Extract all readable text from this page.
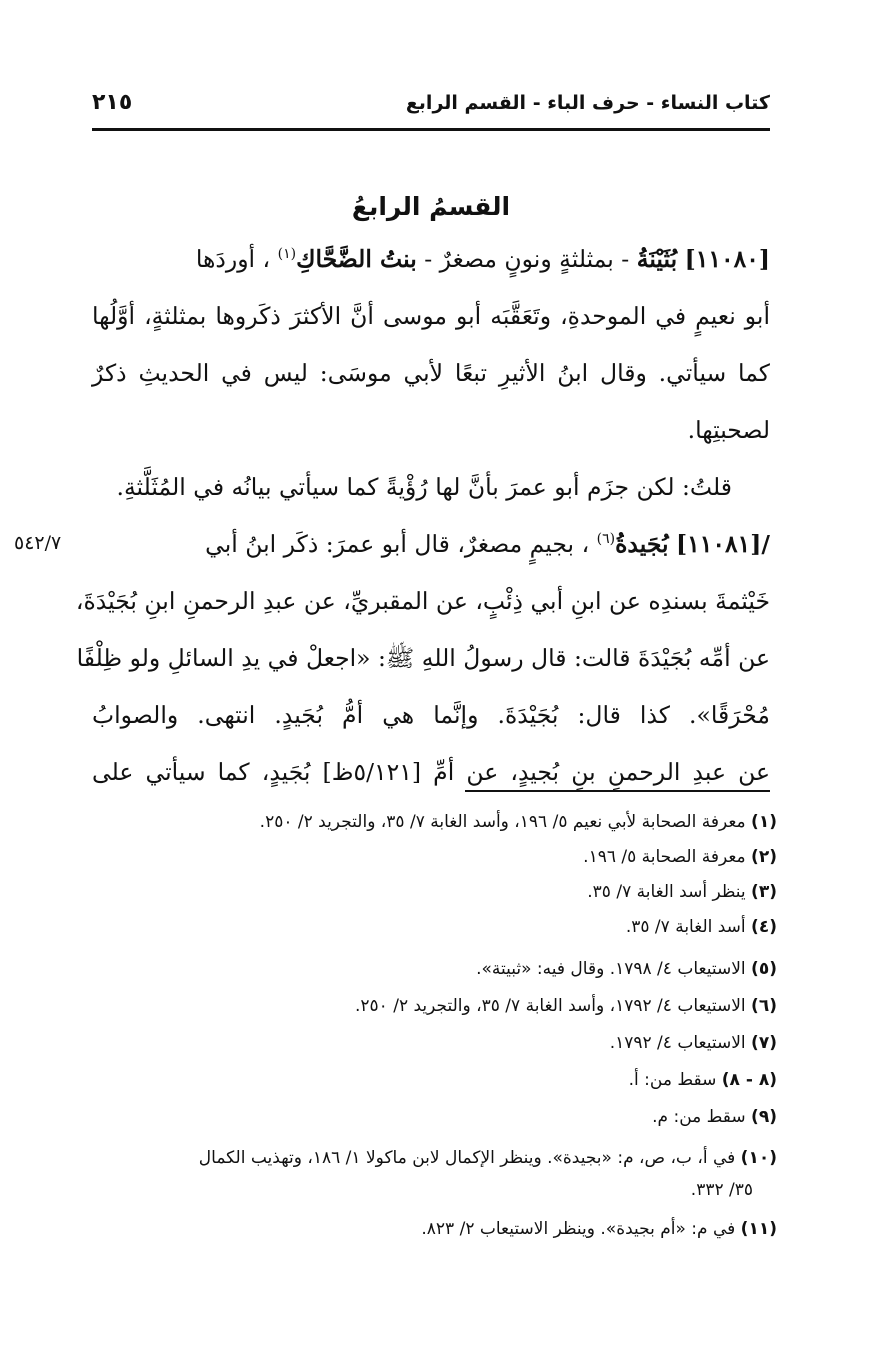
كتاب النساء - حرف الباء - القسم الرابع
٢١٥
القسمُ الرابعُ
[١١٠٨٠] بُثَيْنَةُ - بمثلثةٍ ونونٍ مصغرٌ - بنتُ الضَّحَّاكِ$^{(١)}$ ، أوردَها
أبو نعيمٍ في الموحدةِ، وتَعَقَّبَه أبو موسى أنَّ الأكثرَ ذكَروها بمثلثةٍ، أوَّلُها
كما سيأتي. وقال ابنُ الأثيرِ تبعًا لأبي موسَى: ليس في الحديثِ ذكرٌ
لصحبتِها.
قلتُ: لكن جزَم أبو عمرَ بأنَّ لها رُؤْيةً كما سيأتي بيانُه في المُثَلَّثةِ.
/[١١٠٨١] بُجَيدةُ$^{(٦)}$ ، بجيمٍ مصغرٌ، قال أبو عمرَ: ذكَر ابنُ أبي
٥٤٢/٧
خَيْثمةَ بسندِه عن ابنِ أبي ذِئْبٍ، عن المقبريِّ، عن عبدِ الرحمنِ ابنِ بُجَيْدَةَ،
عن أمِّه بُجَيْدَةَ قالت: قال رسولُ اللهِ ﷺ: «اجعلْ في يدِ السائلِ ولو ظِلْفًا
مُحْرَقًا». كذا قال: بُجَيْدَةَ. وإنَّما هي أمُّ بُجَيدٍ. انتهى. والصوابُ
عن عبدِ الرحمنِ بنِ بُجيدٍ، عن أمِّ [٥/١٢١ظ] بُجَيدٍ، كما سيأتي على
(١) معرفة الصحابة لأبي نعيم ٥/ ١٩٦، وأسد الغابة ٧/ ٣٥، والتجريد ٢/ ٢٥٠.
(٢) معرفة الصحابة ٥/ ١٩٦.
(٣) ينظر أسد الغابة ٧/ ٣٥.
(٤) أسد الغابة ٧/ ٣٥.
(٥) الاستيعاب ٤/ ١٧٩٨. وقال فيه: «ثبيتة».
(٦) الاستيعاب ٤/ ١٧٩٢، وأسد الغابة ٧/ ٣٥، والتجريد ٢/ ٢٥٠.
(٧) الاستيعاب ٤/ ١٧٩٢.
(٨ - ٨) سقط من: أ.
(٩) سقط من: م.
(١٠) في أ، ب، ص، م: «بجيدة». وينظر الإكمال لابن ماكولا ١/ ١٨٦، وتهذيب الكمال
٣٥/ ٣٣٢.
(١١) في م: «أم بجيدة». وينظر الاستيعاب ٢/ ٨٢٣.
